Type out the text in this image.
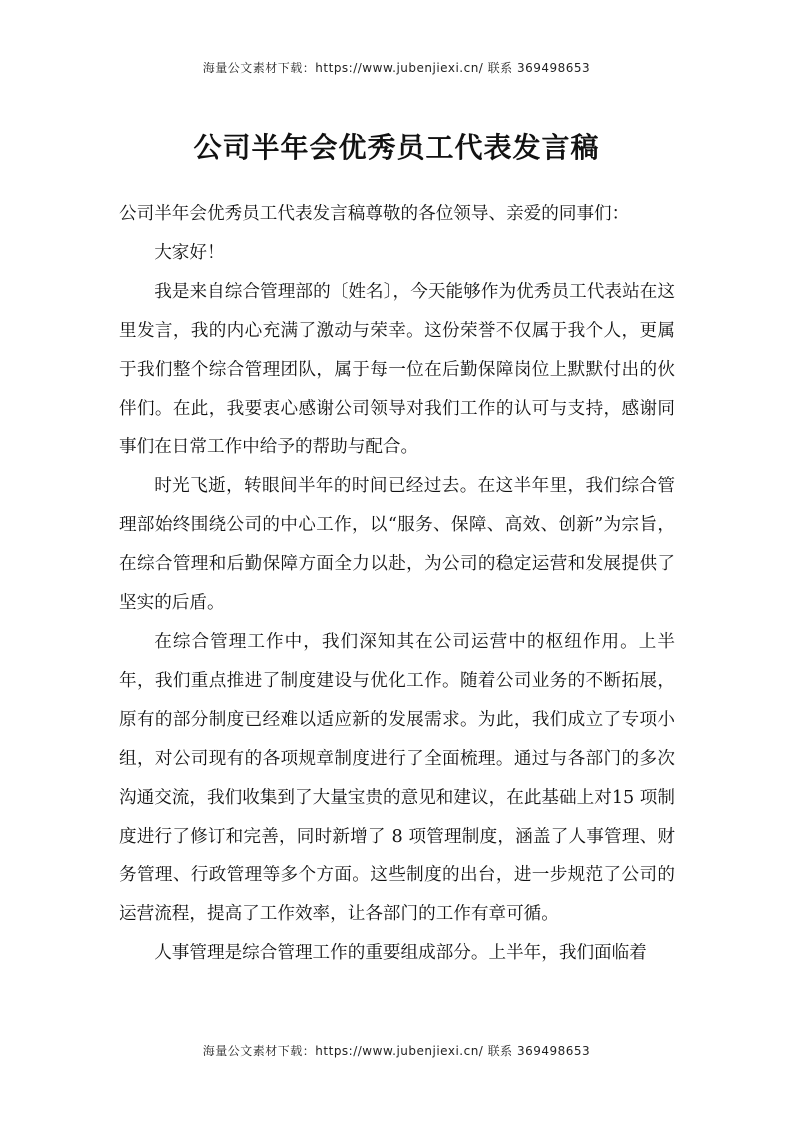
海量公文素材下载：https://www.jubenjiexi.cn/ 联系 369498653
公司半年会优秀员工代表发言稿

公司半年会优秀员工代表发言稿尊敬的各位领导、亲爱的同事们：

大家好！

我是来自综合管理部的〔姓名〕，今天能够作为优秀员工代表站在这里发言，我的内心充满了激动与荣幸。这份荣誉不仅属于我个人，更属于我们整个综合管理团队，属于每一位在后勤保障岗位上默默付出的伙伴们。在此，我要衷心感谢公司领导对我们工作的认可与支持，感谢同事们在日常工作中给予的帮助与配合。

时光飞逝，转眼间半年的时间已经过去。在这半年里，我们综合管理部始终围绕公司的中心工作，以“服务、保障、高效、创新”为宗旨，在综合管理和后勤保障方面全力以赴，为公司的稳定运营和发展提供了坚实的后盾。

在综合管理工作中，我们深知其在公司运营中的枢纽作用。上半年，我们重点推进了制度建设与优化工作。随着公司业务的不断拓展，原有的部分制度已经难以适应新的发展需求。为此，我们成立了专项小组，对公司现有的各项规章制度进行了全面梳理。通过与各部门的多次沟通交流，我们收集到了大量宝贵的意见和建议，在此基础上对15 项制度进行了修订和完善，同时新增了 8 项管理制度，涵盖了人事管理、财务管理、行政管理等多个方面。这些制度的出台，进一步规范了公司的运营流程，提高了工作效率，让各部门的工作有章可循。

人事管理是综合管理工作的重要组成部分。上半年，我们面临着

海量公文素材下载：https://www.jubenjiexi.cn/ 联系 369498653
